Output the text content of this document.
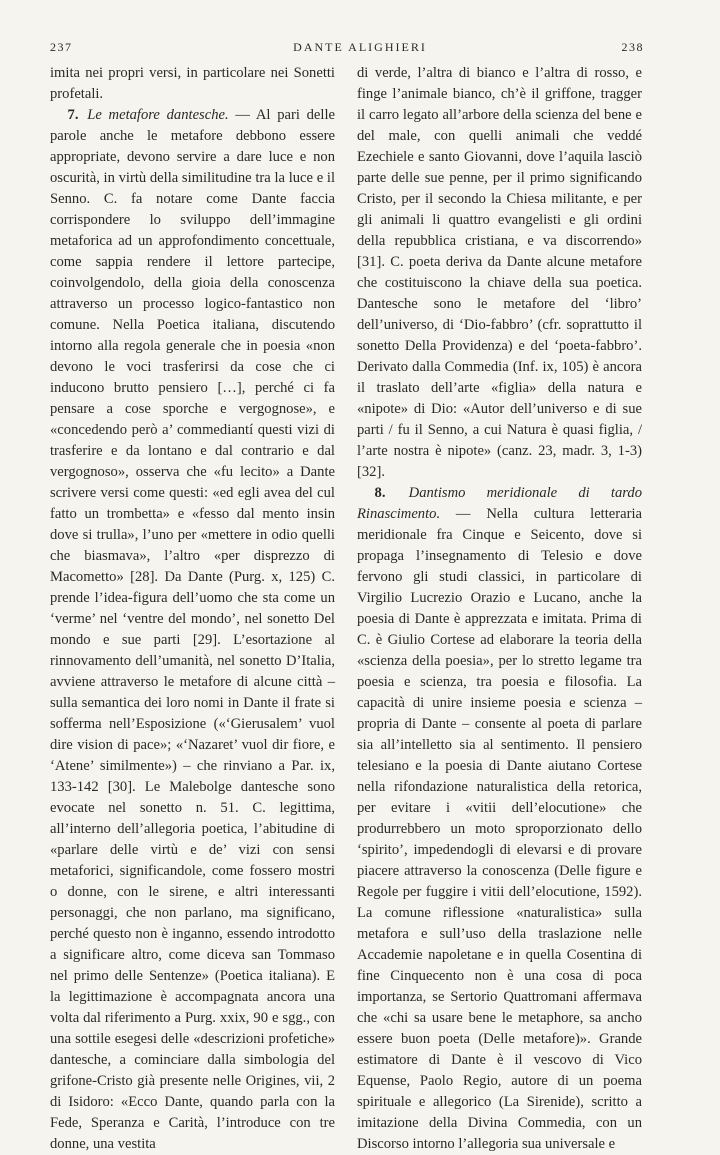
237	DANTE ALIGHIERI	238

imita nei propri versi, in particolare nei Sonetti profetali.

7. Le metafore dantesche. — Al pari delle parole anche le metafore debbono essere appropriate, devono servire a dare luce e non oscurità, in virtù della similitudine tra la luce e il Senno. C. fa notare come Dante faccia corrispondere lo sviluppo dell’immagine metaforica ad un approfondimento concettuale, come sappia rendere il lettore partecipe, coinvolgendolo, della gioia della conoscenza attraverso un processo logico-fantastico non comune. Nella Poetica italiana, discutendo intorno alla regola generale che in poesia «non devono le voci trasferirsi da cose che ci inducono brutto pensiero […], perché ci fa pensare a cose sporche e vergognose», e «concedendo però a’ commediantí questi vizi di trasferire e da lontano e dal contrario e dal vergognoso», osserva che «fu lecito» a Dante scrivere versi come questi: «ed egli avea del cul fatto un trombetta» e «fesso dal mento insin dove si trulla», l’uno per «mettere in odio quelli che biasmava», l’altro «per disprezzo di Macometto» [28]. Da Dante (Purg. x, 125) C. prende l’idea-figura dell’uomo che sta come un ‘verme’ nel ‘ventre del mondo’, nel sonetto Del mondo e sue parti [29]. L’esortazione al rinnovamento dell’umanità, nel sonetto D’Italia, avviene attraverso le metafore di alcune città – sulla semantica dei loro nomi in Dante il frate si sofferma nell’Esposizione («‘Gierusalem’ vuol dire vision di pace»; «‘Nazaret’ vuol dir fiore, e ‘Atene’ similmente») – che rinviano a Par. ix, 133-142 [30]. Le Malebolge dantesche sono evocate nel sonetto n. 51. C. legittima, all’interno dell’allegoria poetica, l’abitudine di «parlare delle virtù e de’ vizi con sensi metaforici, significandole, come fossero mostri o donne, con le sirene, e altri interessanti personaggi, che non parlano, ma significano, perché questo non è inganno, essendo introdotto a significare altro, come diceva san Tommaso nel primo delle Sentenze» (Poetica italiana). E la legittimazione è accompagnata ancora una volta dal riferimento a Purg. xxix, 90 e sgg., con una sottile esegesi delle «descrizioni profetiche» dantesche, a cominciare dalla simbologia del grifone-Cristo già presente nelle Origines, vii, 2 di Isidoro: «Ecco Dante, quando parla con la Fede, Speranza e Carità, l’introduce con tre donne, una vestita

di verde, l’altra di bianco e l’altra di rosso, e finge l’animale bianco, ch’è il griffone, tragger il carro legato all’arbore della scienza del bene e del male, con quelli animali che veddé Ezechiele e santo Giovanni, dove l’aquila lasciò parte delle sue penne, per il primo significando Cristo, per il secondo la Chiesa militante, e per gli animali li quattro evangelisti e gli ordini della repubblica cristiana, e va discorrendo» [31]. C. poeta deriva da Dante alcune metafore che costituiscono la chiave della sua poetica. Dantesche sono le metafore del ‘libro’ dell’universo, di ‘Dio-fabbro’ (cfr. soprattutto il sonetto Della Providenza) e del ‘poeta-fabbro’. Derivato dalla Commedia (Inf. ix, 105) è ancora il traslato dell’arte «figlia» della natura e «nipote» di Dio: «Autor dell’universo e di sue parti / fu il Senno, a cui Natura è quasi figlia, / l’arte nostra è nipote» (canz. 23, madr. 3, 1-3) [32].

8. Dantismo meridionale di tardo Rinascimento. — Nella cultura letteraria meridionale fra Cinque e Seicento, dove si propaga l’insegnamento di Telesio e dove fervono gli studi classici, in particolare di Virgilio Lucrezio Orazio e Lucano, anche la poesia di Dante è apprezzata e imitata. Prima di C. è Giulio Cortese ad elaborare la teoria della «scienza della poesia», per lo stretto legame tra poesia e scienza, tra poesia e filosofia. La capacità di unire insieme poesia e scienza – propria di Dante – consente al poeta di parlare sia all’intelletto sia al sentimento. Il pensiero telesiano e la poesia di Dante aiutano Cortese nella rifondazione naturalistica della retorica, per evitare i «vitii dell’elocutione» che produrrebbero un moto sproporzionato dello ‘spirito’, impedendogli di elevarsi e di provare piacere attraverso la conoscenza (Delle figure e Regole per fuggire i vitii dell’elocutione, 1592). La comune riflessione «naturalistica» sulla metafora e sull’uso della traslazione nelle Accademie napoletane e in quella Cosentina di fine Cinquecento non è una cosa di poca importanza, se Sertorio Quattromani affermava che «chi sa usare bene le metaphore, sa ancho essere buon poeta (Delle metafore)». Grande estimatore di Dante è il vescovo di Vico Equense, Paolo Regio, autore di un poema spirituale e allegorico (La Sirenide), scritto a imitazione della Divina Commedia, con un Discorso intorno l’allegoria sua universale e
